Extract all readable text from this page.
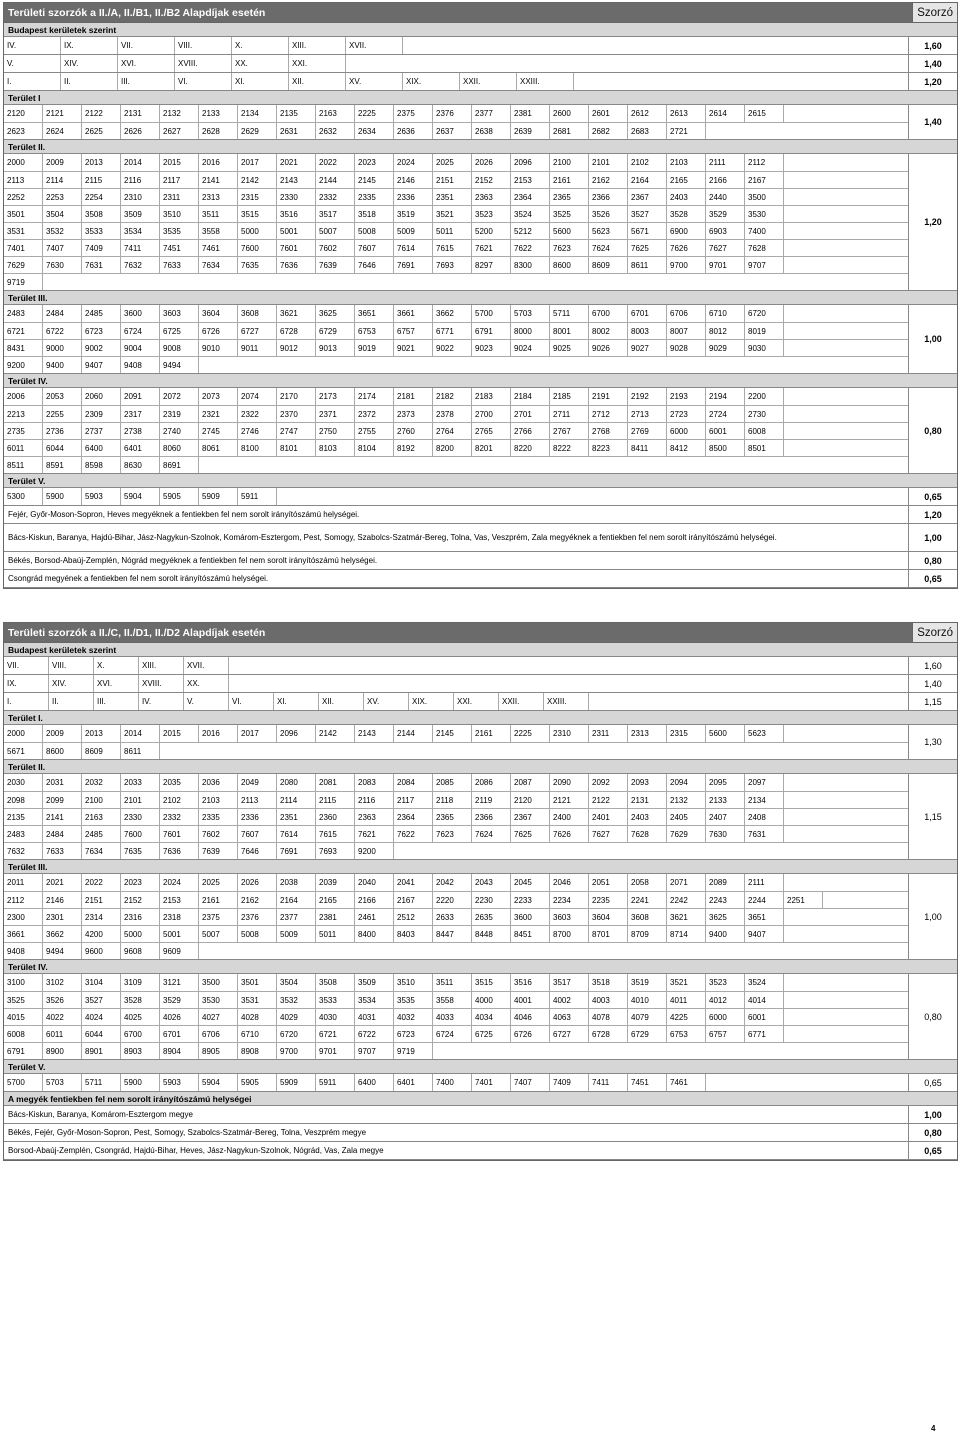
Területi szorzók a II./A, II./B1, II./B2 Alapdíjak esetén	Szorzó
Budapest kerületek szerint
IV.	IX.	VII.	VIII.	X.	XIII.	XVII.	1,60
V.	XIV.	XVI.	XVIII.	XX.	XXI.	1,40
I.	II.	III.	VI.	XI.	XII.	XV.	XIX.	XXII.	XXIII.	1,20
Terület I
2120	2121	2122	2131	2132	2133	2134	2135	2163	2225	2375	2376	2377	2381	2600	2601	2612	2613	2614	2615
2623	2624	2625	2626	2627	2628	2629	2631	2632	2634	2636	2637	2638	2639	2681	2682	2683	2721
1,40
Terület II.
2000	2009	2013	2014	2015	2016	2017	2021	2022	2023	2024	2025	2026	2096	2100	2101	2102	2103	2111	2112
2113	2114	2115	2116	2117	2141	2142	2143	2144	2145	2146	2151	2152	2153	2161	2162	2164	2165	2166	2167
2252	2253	2254	2310	2311	2313	2315	2330	2332	2335	2336	2351	2363	2364	2365	2366	2367	2403	2440	3500
3501	3504	3508	3509	3510	3511	3515	3516	3517	3518	3519	3521	3523	3524	3525	3526	3527	3528	3529	3530
3531	3532	3533	3534	3535	3558	5000	5001	5007	5008	5009	5011	5200	5212	5600	5623	5671	6900	6903	7400
7401	7407	7409	7411	7451	7461	7600	7601	7602	7607	7614	7615	7621	7622	7623	7624	7625	7626	7627	7628
7629	7630	7631	7632	7633	7634	7635	7636	7639	7646	7691	7693	8297	8300	8600	8609	8611	9700	9701	9707
9719
1,20
Terület III.
2483	2484	2485	3600	3603	3604	3608	3621	3625	3651	3661	3662	5700	5703	5711	6700	6701	6706	6710	6720
6721	6722	6723	6724	6725	6726	6727	6728	6729	6753	6757	6771	6791	8000	8001	8002	8003	8007	8012	8019
8431	9000	9002	9004	9008	9010	9011	9012	9013	9019	9021	9022	9023	9024	9025	9026	9027	9028	9029	9030
9200	9400	9407	9408	9494
1,00
Terület IV.
2006	2053	2060	2091	2072	2073	2074	2170	2173	2174	2181	2182	2183	2184	2185	2191	2192	2193	2194	2200
2213	2255	2309	2317	2319	2321	2322	2370	2371	2372	2373	2378	2700	2701	2711	2712	2713	2723	2724	2730
2735	2736	2737	2738	2740	2745	2746	2747	2750	2755	2760	2764	2765	2766	2767	2768	2769	6000	6001	6008
6011	6044	6400	6401	8060	8061	8100	8101	8103	8104	8192	8200	8201	8220	8222	8223	8411	8412	8500	8501
8511	8591	8598	8630	8691
0,80
Terület V.
5300	5900	5903	5904	5905	5909	5911	0,65
Fejér, Győr-Moson-Sopron, Heves megyéknek a fentiekben fel nem sorolt irányítószámú helységei.	1,20
Bács-Kiskun, Baranya, Hajdú-Bihar, Jász-Nagykun-Szolnok, Komárom-Esztergom, Pest, Somogy, Szabolcs-Szatmár-Bereg, Tolna, Vas, Veszprém, Zala megyéknek a fentiekben fel nem sorolt irányítószámú helységei.	1,00
Békés, Borsod-Abaúj-Zemplén, Nógrád megyéknek a fentiekben fel nem sorolt irányítószámú helységei.	0,80
Csongrád megyének a fentiekben fel nem sorolt irányítószámú helységei.	0,65
Területi szorzók a II./C, II./D1, II./D2 Alapdíjak esetén	Szorzó
Budapest kerületek szerint
VII.	VIII.	X.	XIII.	XVII.	1,60
IX.	XIV.	XVI.	XVIII.	XX.	1,40
I.	II.	III.	IV.	V.	VI.	XI.	XII.	XV.	XIX.	XXI.	XXII.	XXIII.	1,15
Terület I.
2000	2009	2013	2014	2015	2016	2017	2096	2142	2143	2144	2145	2161	2225	2310	2311	2313	2315	5600	5623
5671	8600	8609	8611
1,30
Terület II.
2030	2031	2032	2033	2035	2036	2049	2080	2081	2083	2084	2085	2086	2087	2090	2092	2093	2094	2095	2097
2098	2099	2100	2101	2102	2103	2113	2114	2115	2116	2117	2118	2119	2120	2121	2122	2131	2132	2133	2134
2135	2141	2163	2330	2332	2335	2336	2351	2360	2363	2364	2365	2366	2367	2400	2401	2403	2405	2407	2408
2483	2484	2485	7600	7601	7602	7607	7614	7615	7621	7622	7623	7624	7625	7626	7627	7628	7629	7630	7631
7632	7633	7634	7635	7636	7639	7646	7691	7693	9200
1,15
Terület III.
2011	2021	2022	2023	2024	2025	2026	2038	2039	2040	2041	2042	2043	2045	2046	2051	2058	2071	2089	2111
2112	2146	2151	2152	2153	2161	2162	2164	2165	2166	2167	2220	2230	2233	2234	2235	2241	2242	2243	2244	2251
2300	2301	2314	2316	2318	2375	2376	2377	2381	2461	2512	2633	2635	3600	3603	3604	3608	3621	3625	3651
3661	3662	4200	5000	5001	5007	5008	5009	5011	8400	8403	8447	8448	8451	8700	8701	8709	8714	9400	9407
9408	9494	9600	9608	9609
1,00
Terület IV.
3100	3102	3104	3109	3121	3500	3501	3504	3508	3509	3510	3511	3515	3516	3517	3518	3519	3521	3523	3524
3525	3526	3527	3528	3529	3530	3531	3532	3533	3534	3535	3558	4000	4001	4002	4003	4010	4011	4012	4014
4015	4022	4024	4025	4026	4027	4028	4029	4030	4031	4032	4033	4034	4046	4063	4078	4079	4225	6000	6001
6008	6011	6044	6700	6701	6706	6710	6720	6721	6722	6723	6724	6725	6726	6727	6728	6729	6753	6757	6771
6791	8900	8901	8903	8904	8905	8908	9700	9701	9707	9719
0,80
Terület V.
5700	5703	5711	5900	5903	5904	5905	5909	5911	6400	6401	7400	7401	7407	7409	7411	7451	7461	0,65
A megyék fentiekben fel nem sorolt irányítószámú helységei
Bács-Kiskun, Baranya, Komárom-Esztergom megye	1,00
Békés, Fejér, Győr-Moson-Sopron, Pest, Somogy, Szabolcs-Szatmár-Bereg, Tolna, Veszprém megye	0,80
Borsod-Abaúj-Zemplén, Csongrád, Hajdú-Bihar, Heves, Jász-Nagykun-Szolnok, Nógrád, Vas, Zala megye	0,65
4
